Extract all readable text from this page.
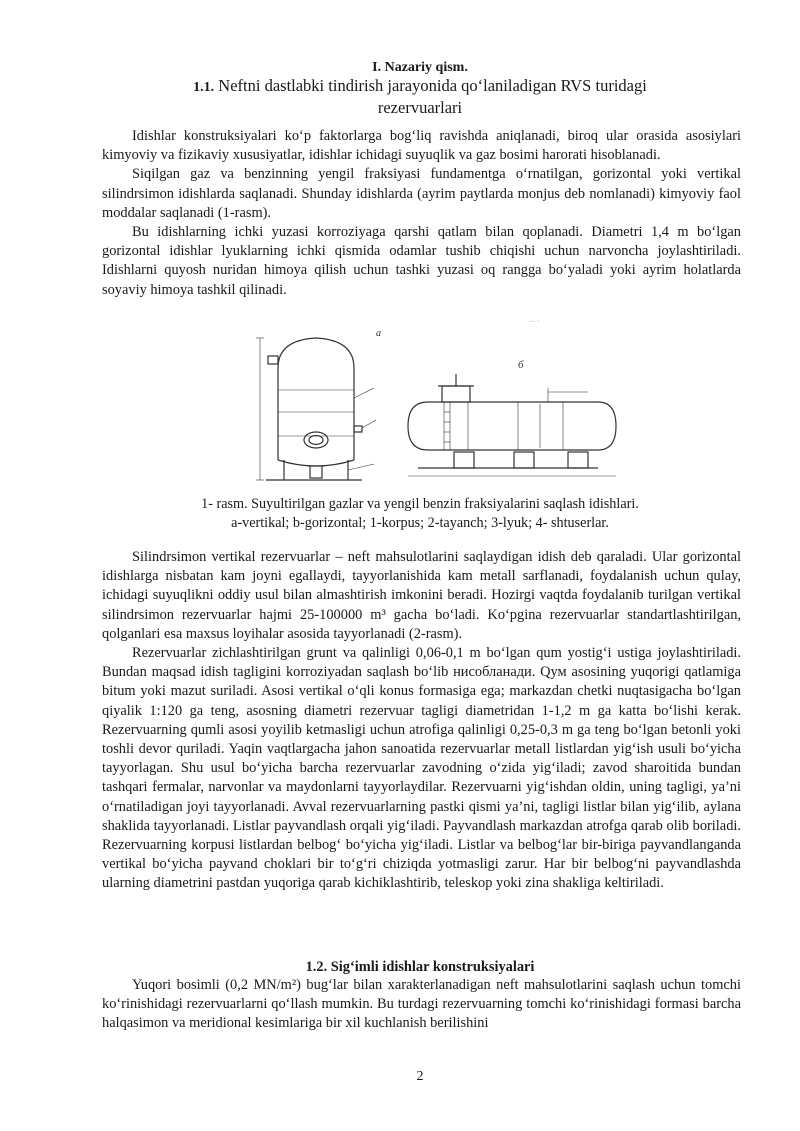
I. Nazariy qism.
1.1. Neftni dastlabki tindirish jarayonida qo‘laniladigan RVS turidagi
rezervuarlari

Idishlar konstruksiyalari ko‘p faktorlarga bog‘liq ravishda aniqlanadi, biroq ular orasida asosiylari kimyoviy va fizikaviy xususiyatlar, idishlar ichidagi suyuqlik va gaz bosimi harorati hisoblanadi.

Siqilgan gaz va benzinning yengil fraksiyasi fundamentga o‘rnatilgan, gorizontal yoki vertikal silindrsimon idishlarda saqlanadi. Shunday idishlarda (ayrim paytlarda monjus deb nomlanadi) kimyoviy faol moddalar saqlanadi (1-rasm).

Bu idishlarning ichki yuzasi korroziyaga qarshi qatlam bilan qoplanadi. Diametri 1,4 m bo‘lgan gorizontal idishlar lyuklarning ichki qismida odamlar tushib chiqishi uchun narvoncha joylashtiriladi. Idishlarni quyosh nuridan himoya qilish uchun tashki yuzasi oq rangga bo‘yaladi yoki ayrim holatlarda soyaviy himoya tashkil qilinadi.

– ·
a
б
1- rasm. Suyultirilgan gazlar va yengil benzin fraksiyalarini saqlash idishlari.
a-vertikal; b-gorizontal; 1-korpus; 2-tayanch; 3-lyuk; 4- shtuserlar.

Silindrsimon vertikal rezervuarlar – neft mahsulotlarini saqlaydigan idish deb qaraladi. Ular gorizontal idishlarga nisbatan kam joyni egallaydi, tayyorlanishida kam metall sarflanadi, foydalanish uchun qulay, ichidagi suyuqlikni oddiy usul bilan almashtirish imkonini beradi. Hozirgi vaqtda foydalanib turilgan vertikal silindrsimon rezervuarlar hajmi 25-100000 m³ gacha bo‘ladi. Ko‘pgina rezervuarlar standartlashtirilgan, qolganlari esa maxsus loyihalar asosida tayyorlanadi (2-rasm).

Rezervuarlar zichlashtirilgan grunt va qalinligi 0,06-0,1 m bo‘lgan qum yostig‘i ustiga joylashtiriladi. Bundan maqsad idish tagligini korroziyadan saqlash bo‘lib нисобланади. Qум asosining yuqorigi qatlamiga bitum yoki mazut suriladi. Asosi vertikal o‘qli konus formasiga ega; markazdan chetki nuqtasigacha bo‘lgan qiyalik 1:120 ga teng, asosning diametri rezervuar tagligi diametridan 1-1,2 m ga katta bo‘lishi kerak. Rezervuarning qumli asosi yoyilib ketmasligi uchun atrofiga qalinligi 0,25-0,3 m ga teng bo‘lgan betonli yoki toshli devor quriladi. Yaqin vaqtlargacha jahon sanoatida rezervuarlar metall listlardan yig‘ish usuli bo‘yicha tayyorlagan. Shu usul bo‘yicha barcha rezervuarlar zavodning o‘zida yig‘iladi; zavod sharoitida bundan tashqari fermalar, narvonlar va maydonlarni tayyorlaydilar. Rezervuarni yig‘ishdan oldin, uning tagligi, ya’ni o‘rnatiladigan joyi tayyorlanadi. Avval rezervuarlarning pastki qismi ya’ni, tagligi listlar bilan yig‘ilib, aylana shaklida tayyorlanadi. Listlar payvandlash orqali yig‘iladi. Payvandlash markazdan atrofga qarab olib boriladi. Rezervuarning korpusi listlardan belbog‘ bo‘yicha yig‘iladi. Listlar va belbog‘lar bir-biriga payvandlanganda vertikal bo‘yicha payvand choklari bir to‘g‘ri chiziqda yotmasligi zarur. Har bir belbog‘ni payvandlashda ularning diametrini pastdan yuqoriga qarab kichiklashtirib, teleskop yoki zina shakliga keltiriladi.

1.2. Sig‘imli idishlar konstruksiyalari

Yuqori bosimli (0,2 MN/m²) bug‘lar bilan xarakterlanadigan neft mahsulotlarini saqlash uchun tomchi ko‘rinishidagi rezervuarlarni qo‘llash mumkin. Bu turdagi rezervuarning tomchi ko‘rinishidagi formasi barcha halqasimon va meridional kesimlariga bir xil kuchlanish berilishini

2
